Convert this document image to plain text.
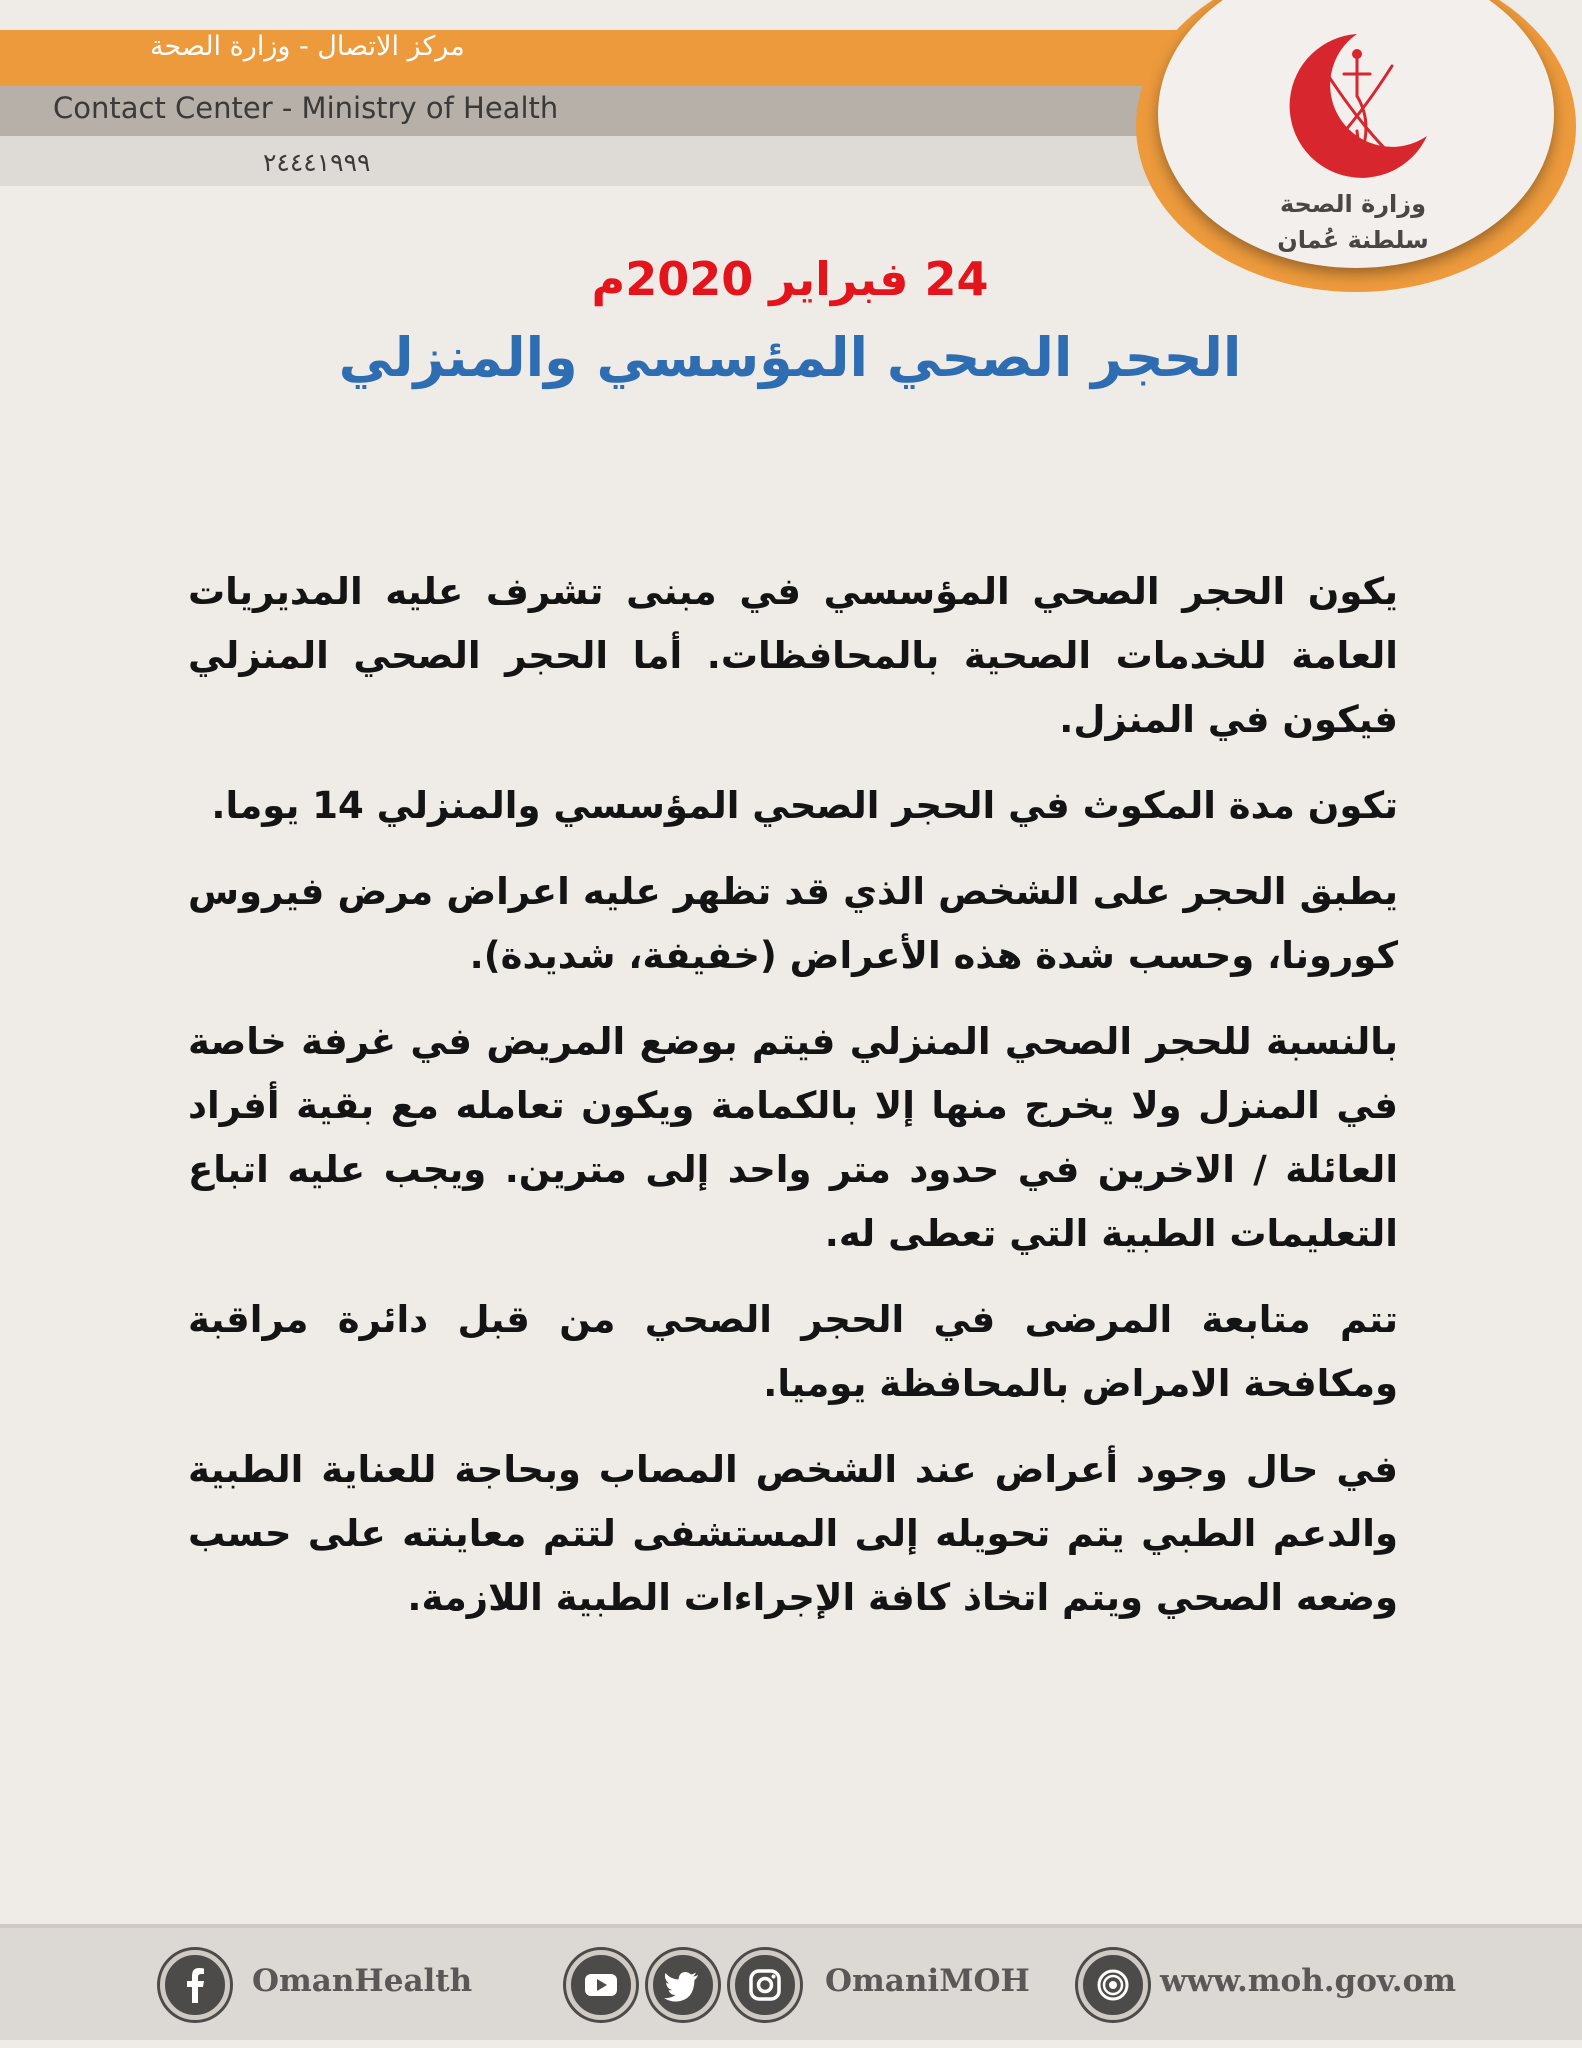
مركز الاتصال - وزارة الصحة
Contact Center - Ministry of Health
٢٤٤٤١٩٩٩
وزارة الصحة
سلطنة عُمان
24 فبراير 2020م
الحجر الصحي المؤسسي والمنزلي

يكون الحجر الصحي المؤسسي في مبنى تشرف عليه المديريات العامة للخدمات الصحية بالمحافظات. أما الحجر الصحي المنزلي فيكون في المنزل.

تكون مدة المكوث في الحجر الصحي المؤسسي والمنزلي 14 يوما.

يطبق الحجر على الشخص الذي قد تظهر عليه اعراض مرض فيروس كورونا، وحسب شدة هذه الأعراض (خفيفة، شديدة).

بالنسبة للحجر الصحي المنزلي فيتم بوضع المريض في غرفة خاصة في المنزل ولا يخرج منها إلا بالكمامة ويكون تعامله مع بقية أفراد العائلة / الاخرين في حدود متر واحد إلى مترين. ويجب عليه اتباع التعليمات الطبية التي تعطى له.

تتم متابعة المرضى في الحجر الصحي من قبل دائرة مراقبة ومكافحة الامراض بالمحافظة يوميا.

في حال وجود أعراض عند الشخص المصاب وبحاجة للعناية الطبية والدعم الطبي يتم تحويله إلى المستشفى لتتم معاينته على حسب وضعه الصحي ويتم اتخاذ كافة الإجراءات الطبية اللازمة.

OmanHealth	OmaniMOH	www.moh.gov.om
